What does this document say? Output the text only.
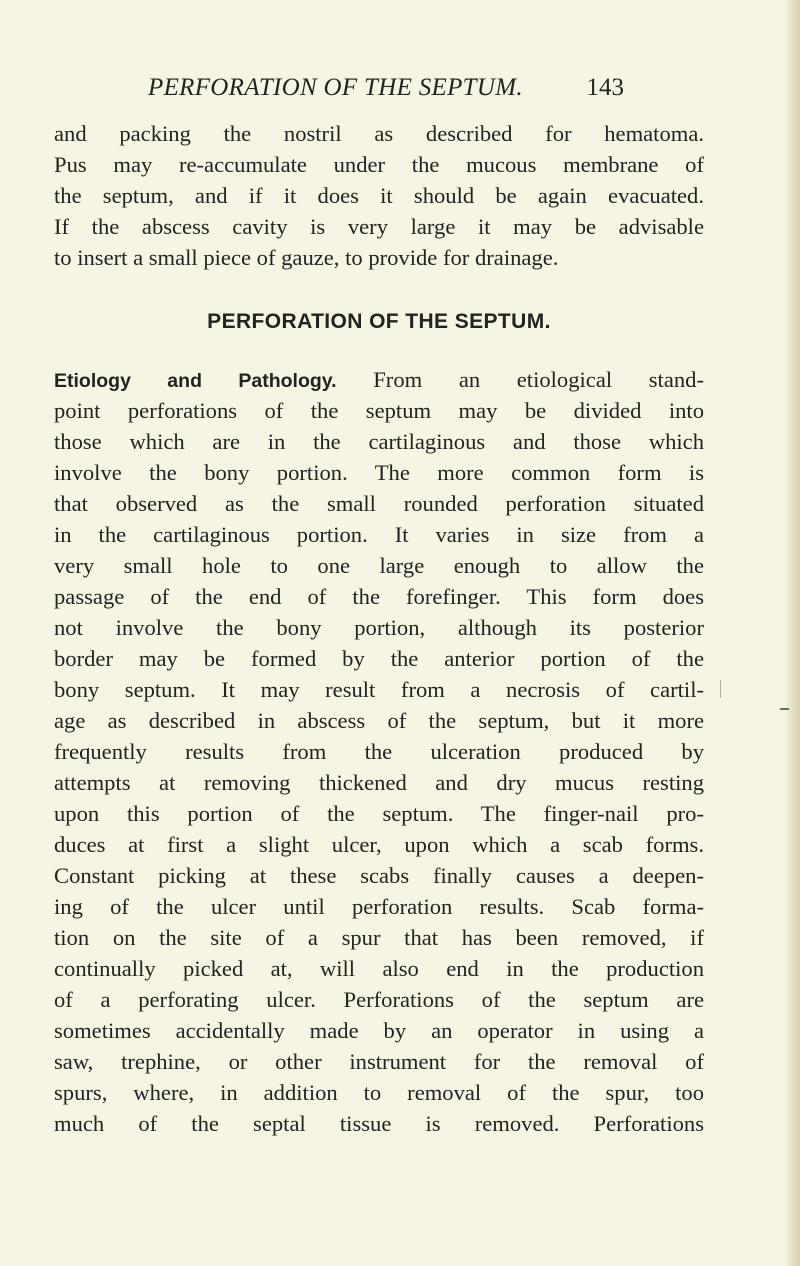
PERFORATION OF THE SEPTUM.	143
and packing the nostril as described for hematoma.
Pus may re-accumulate under the mucous membrane of
the septum, and if it does it should be again evacuated.
If the abscess cavity is very large it may be advisable
to insert a small piece of gauze, to provide for drainage.
PERFORATION OF THE SEPTUM.
Etiology and Pathology. From an etiological stand-
point perforations of the septum may be divided into
those which are in the cartilaginous and those which
involve the bony portion. The more common form is
that observed as the small rounded perforation situated
in the cartilaginous portion. It varies in size from a
very small hole to one large enough to allow the
passage of the end of the forefinger. This form does
not involve the bony portion, although its posterior
border may be formed by the anterior portion of the
bony septum. It may result from a necrosis of cartil-
age as described in abscess of the septum, but it more
frequently results from the ulceration produced by
attempts at removing thickened and dry mucus resting
upon this portion of the septum. The finger-nail pro-
duces at first a slight ulcer, upon which a scab forms.
Constant picking at these scabs finally causes a deepen-
ing of the ulcer until perforation results. Scab forma-
tion on the site of a spur that has been removed, if
continually picked at, will also end in the production
of a perforating ulcer. Perforations of the septum are
sometimes accidentally made by an operator in using a
saw, trephine, or other instrument for the removal of
spurs, where, in addition to removal of the spur, too
much of the septal tissue is removed. Perforations
